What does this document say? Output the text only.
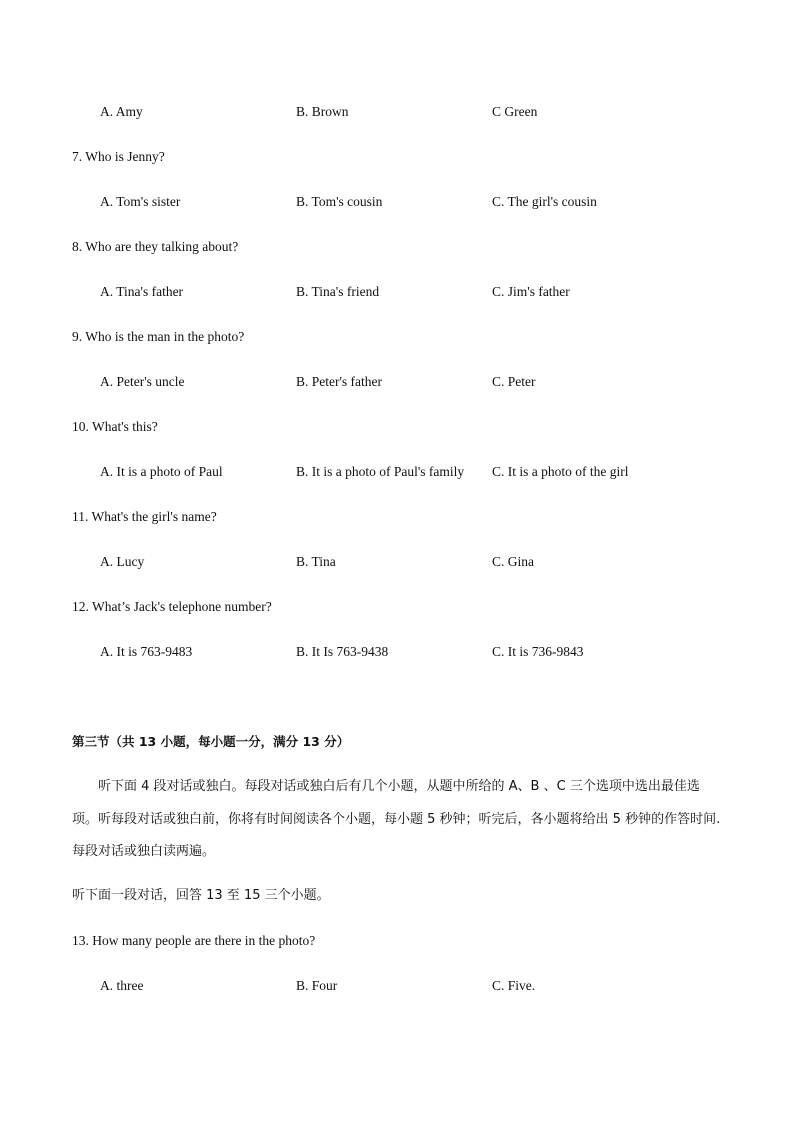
A. Amy	B. Brown	C Green
7. Who is Jenny?
A. Tom's sister	B. Tom's cousin	C. The girl's cousin
8. Who are they talking about?
A. Tina's father	B. Tina's friend	C. Jim's father
9. Who is the man in the photo?
A. Peter's uncle	B. Peter's father	C. Peter
10. What's this?
A. It is a photo of Paul	B. It is a photo of Paul's family C. It is a photo of the girl
11. What's the girl's name?
A. Lucy	B. Tina	C. Gina
12. What’s Jack's telephone number?
A. It is 763-9483	B. It Is 763-9438	C. It is 736-9843
第三节（共 13 小题，每小题一分，满分 13 分）
听下面 4 段对话或独白。每段对话或独白后有几个小题，从题中所给的 A、B 、C 三个选项中选出最佳选项。听每段对话或独白前，你将有时间阅读各个小题，每小题 5 秒钟；听完后，各小题将给出 5 秒钟的作答时间. 每段对话或独白读两遍。
听下面一段对话，回答 13 至 15 三个小题。
13. How many people are there in the photo?
A. three	B. Four	C. Five.
